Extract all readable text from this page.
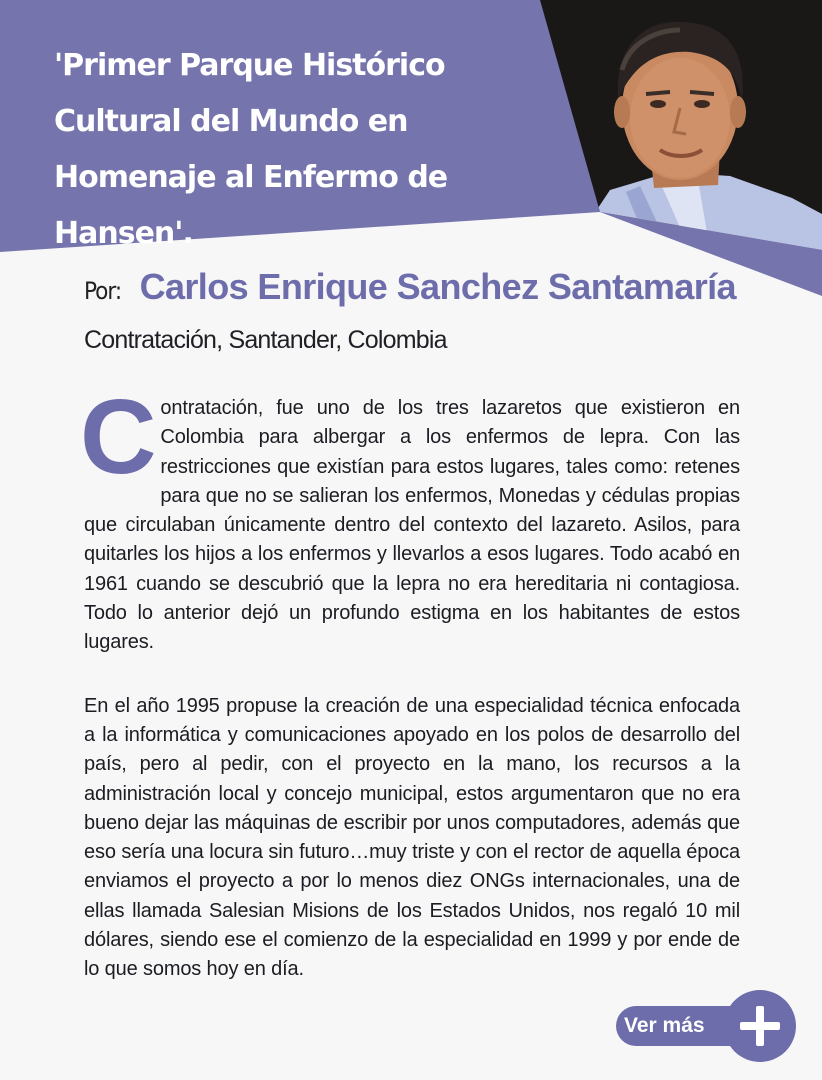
'Primer Parque Histórico Cultural del Mundo en Homenaje al Enfermo de Hansen'.
Por: Carlos Enrique Sanchez Santamaría
Contratación, Santander, Colombia

Contratación, fue uno de los tres lazaretos que existieron en Colombia para albergar a los enfermos de lepra. Con las restricciones que existían para estos lugares, tales como: retenes para que no se salieran los enfermos, Monedas y cédulas propias que circulaban únicamente dentro del contexto del lazareto. Asilos, para quitarles los hijos a los enfermos y llevarlos a esos lugares. Todo acabó en 1961 cuando se descubrió que la lepra no era hereditaria ni contagiosa. Todo lo anterior dejó un profundo estigma en los habitantes de estos lugares.

En el año 1995 propuse la creación de una especialidad técnica enfocada a la informática y comunicaciones apoyado en los polos de desarrollo del país, pero al pedir, con el proyecto en la mano, los recursos a la administración local y concejo municipal, estos argumentaron que no era bueno dejar las máquinas de escribir por unos computadores, además que eso sería una locura sin futuro…muy triste y con el rector de aquella época enviamos el proyecto a por lo menos diez ONGs internacionales, una de ellas llamada Salesian Misions de los Estados Unidos, nos regaló 10 mil dólares, siendo ese el comienzo de la especialidad en 1999 y por ende de lo que somos hoy en día.

Ver más
